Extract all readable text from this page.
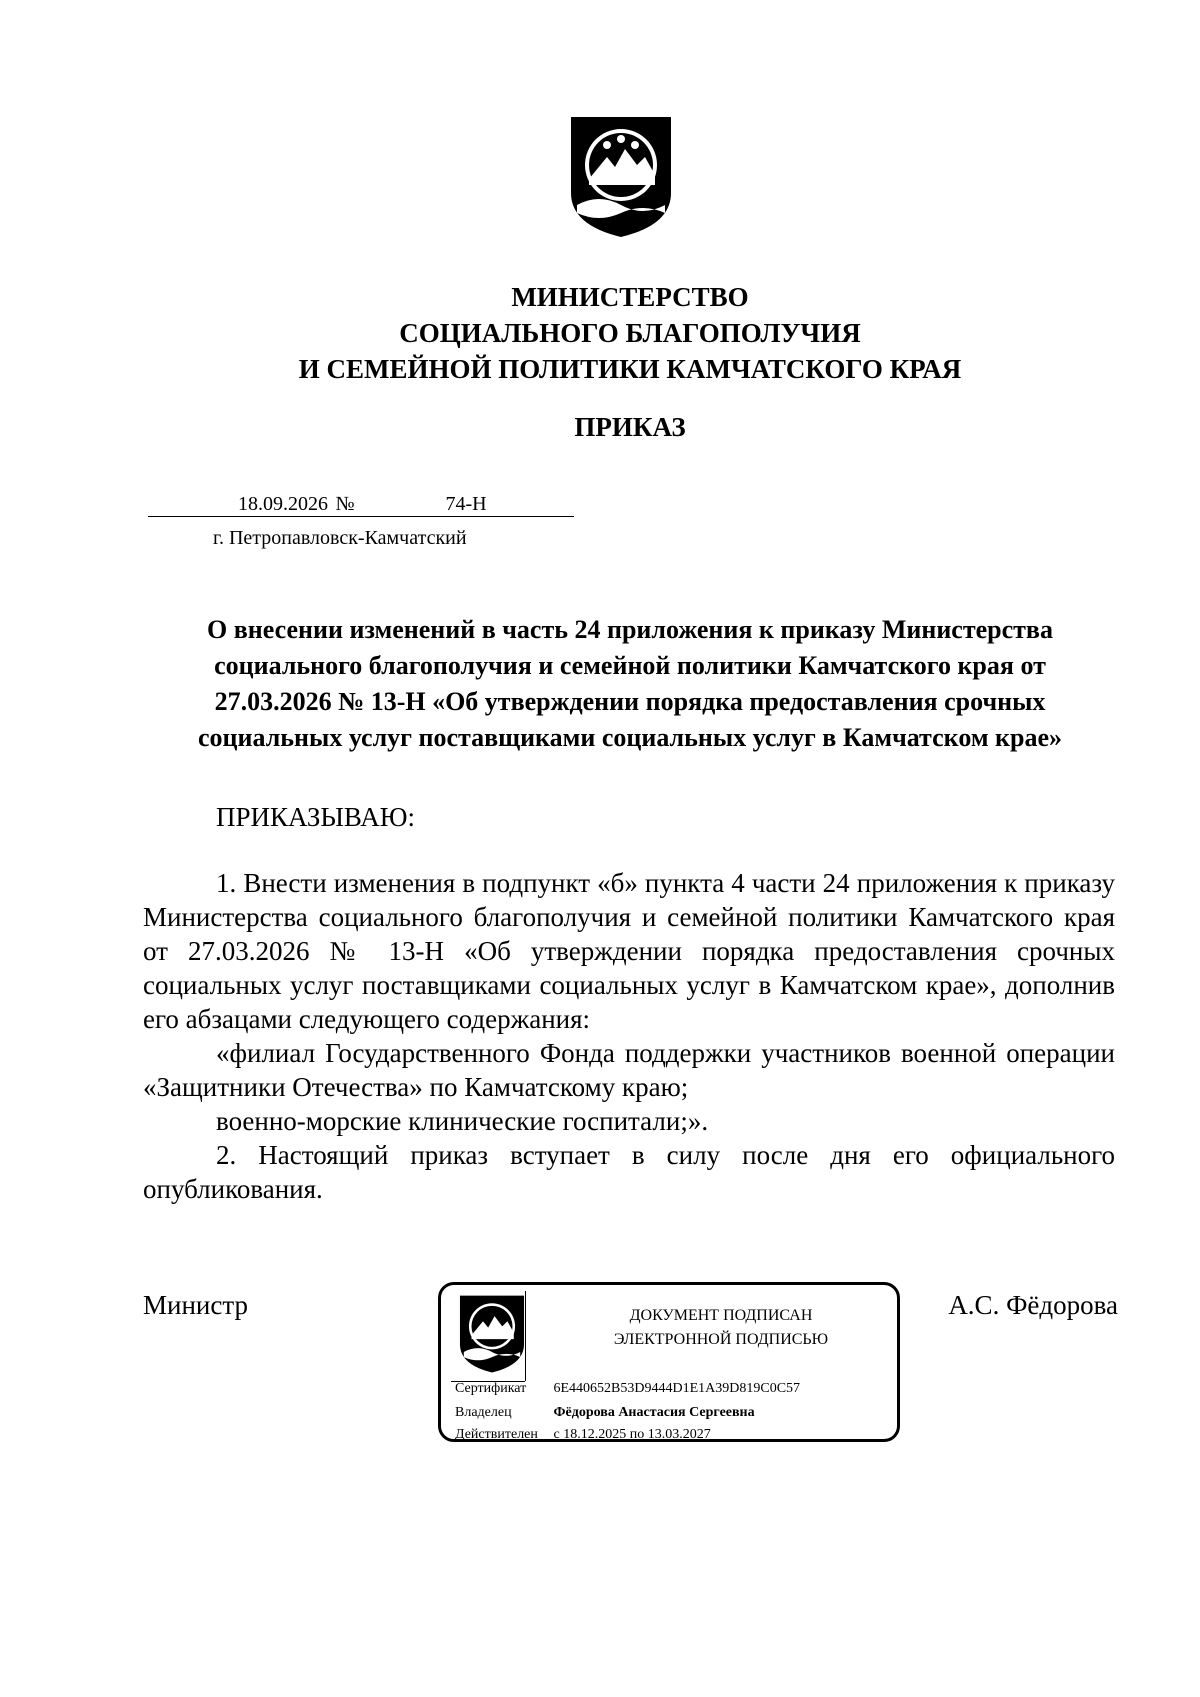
МИНИСТЕРСТВО
СОЦИАЛЬНОГО БЛАГОПОЛУЧИЯ
И СЕМЕЙНОЙ ПОЛИТИКИ КАМЧАТСКОГО КРАЯ
ПРИКАЗ
18.09.2026 №	74-Н
г. Петропавловск-Камчатский
О внесении изменений в часть 24 приложения к приказу Министерства
социального благополучия и семейной политики Камчатского края от
27.03.2026 № 13-Н «Об утверждении порядка предоставления срочных
социальных услуг поставщиками социальных услуг в Камчатском крае»
ПРИКАЗЫВАЮ:

1. Внести изменения в подпункт «б» пункта 4 части 24 приложения к приказу Министерства социального благополучия и семейной политики Камчатского края от 27.03.2026 № 13-Н «Об утверждении порядка предоставления срочных социальных услуг поставщиками социальных услуг в Камчатском крае», дополнив его абзацами следующего содержания:

«филиал Государственного Фонда поддержки участников военной операции «Защитники Отечества» по Камчатскому краю;

военно-морские клинические госпитали;».

2. Настоящий приказ вступает в силу после дня его официального опубликования.

Министр	А.С. Фёдорова
ДОКУМЕНТ ПОДПИСАН
ЭЛЕКТРОННОЙ ПОДПИСЬЮ
Сертификат 6E440652B53D9444D1E1A39D819C0C57
Владелец	Фёдорова Анастасия Сергеевна
Действителен с 18.12.2025 по 13.03.2027
